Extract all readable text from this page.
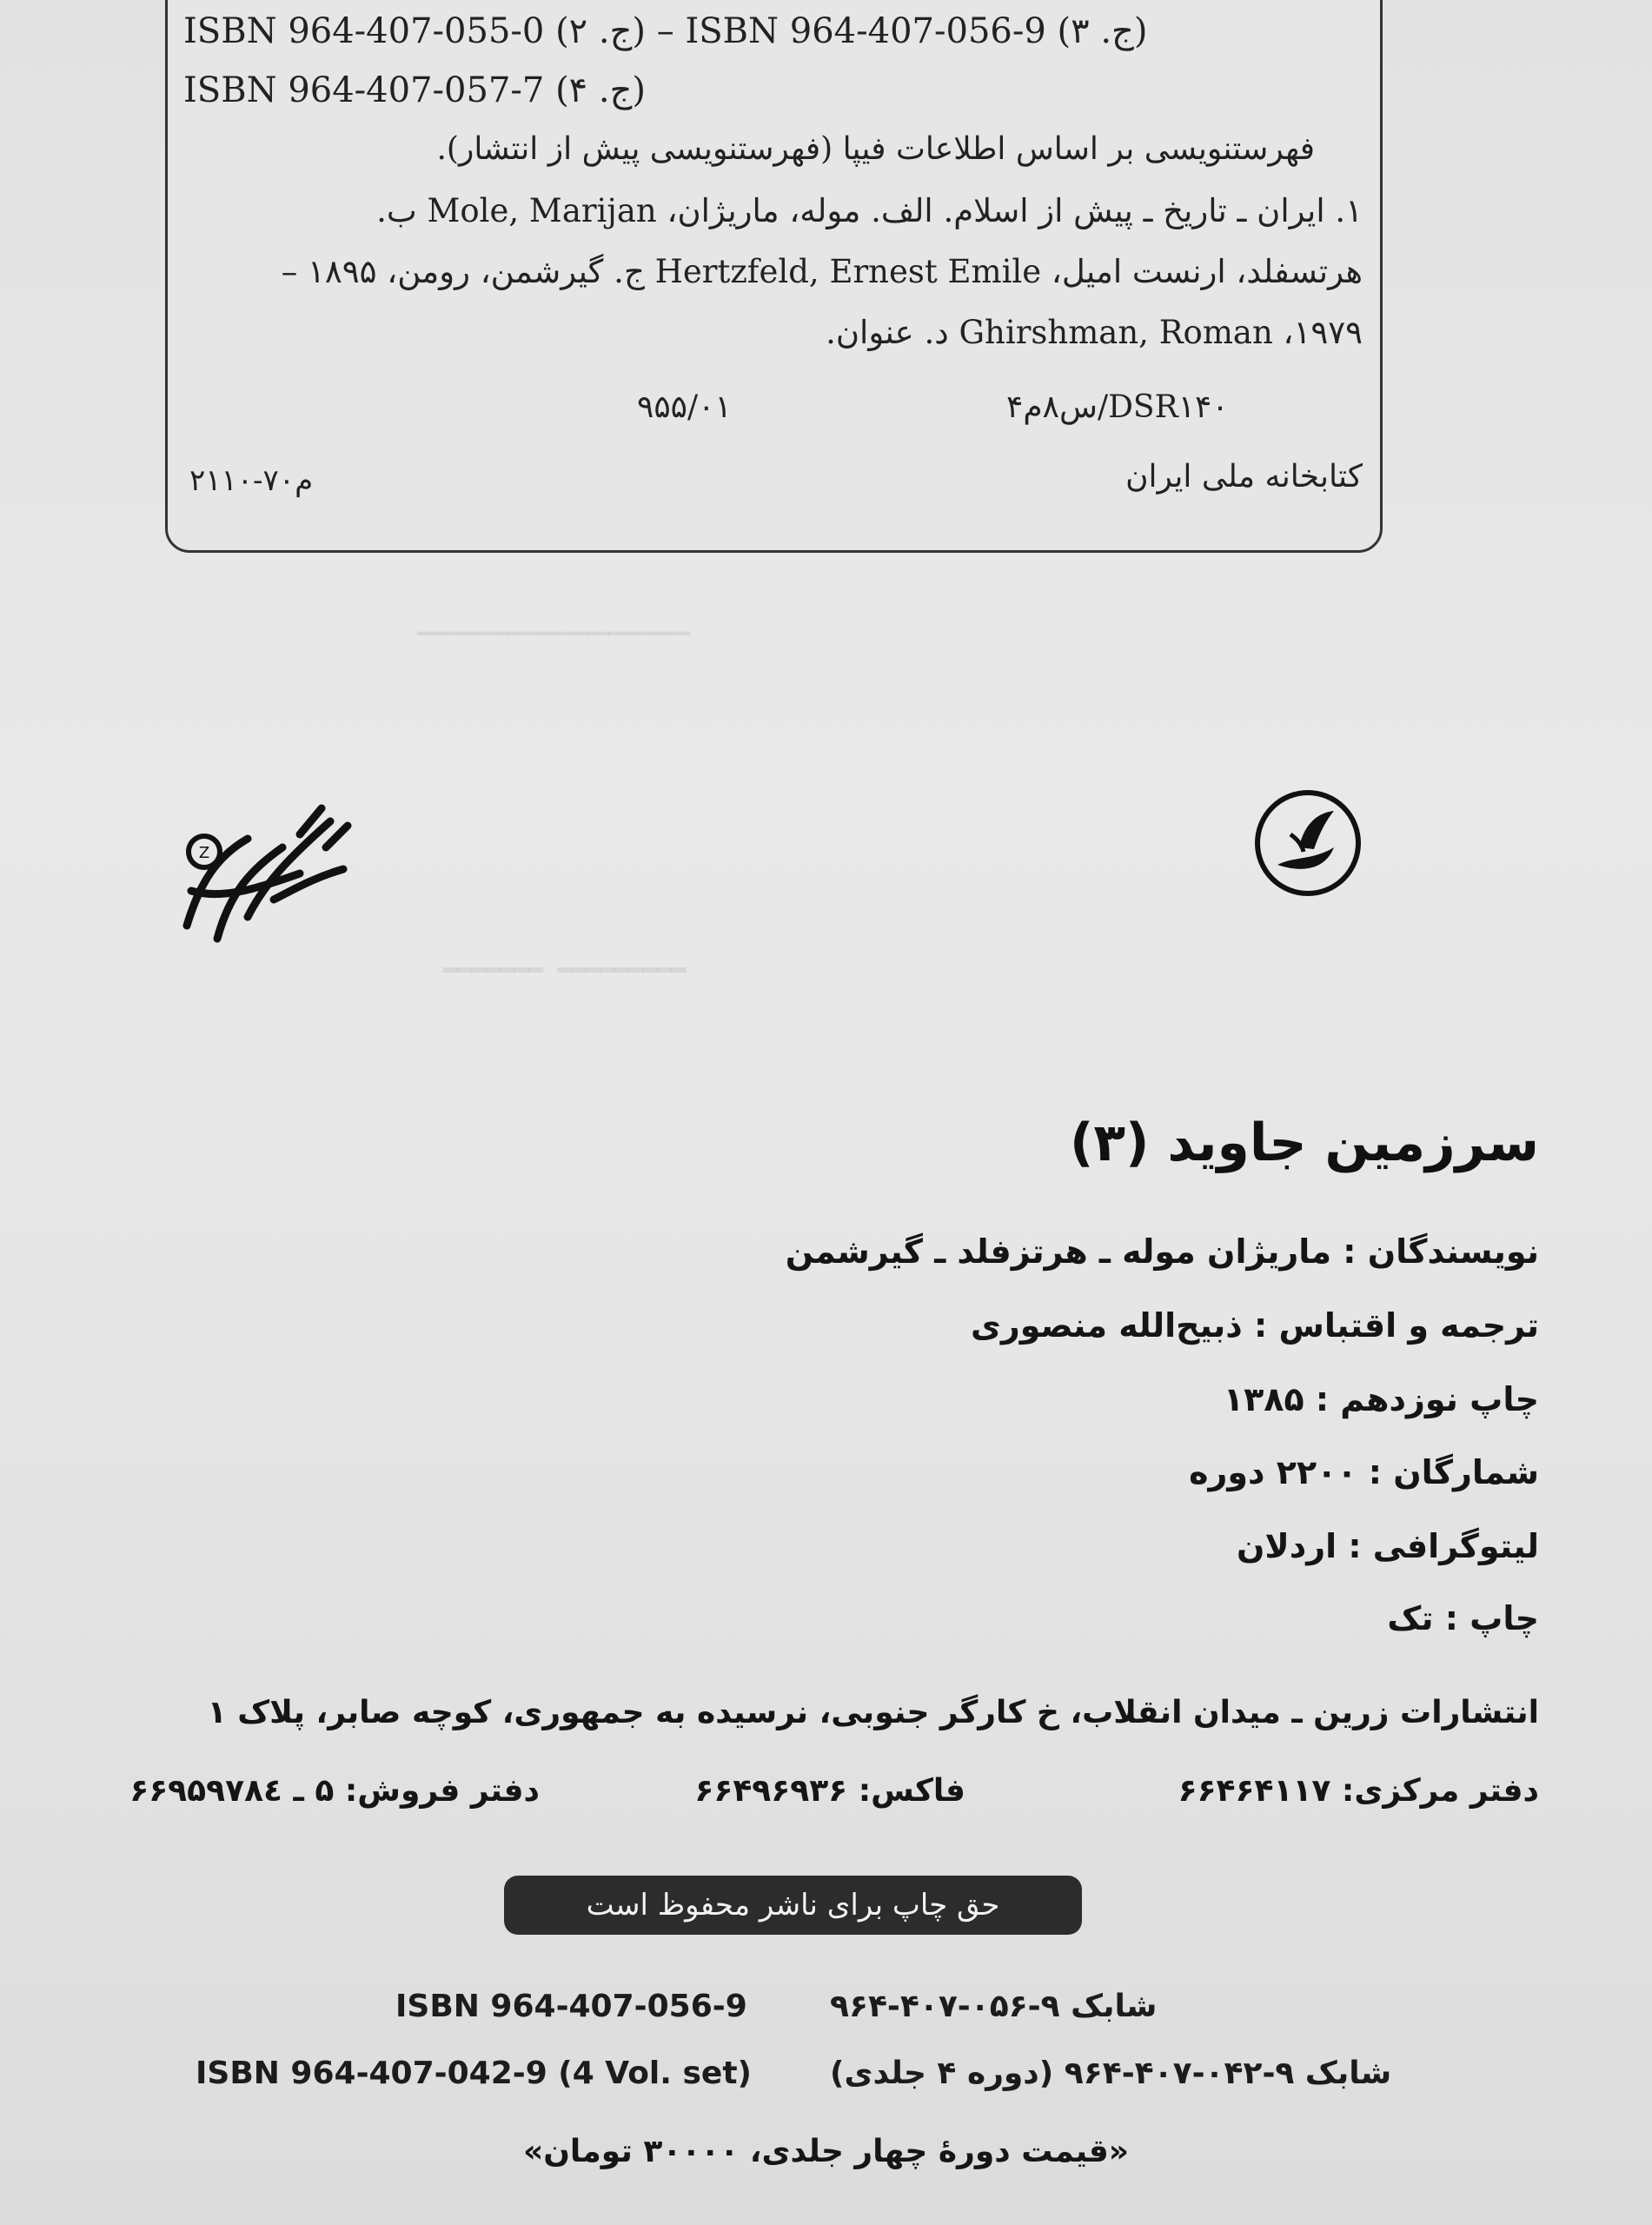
ISBN 964-407-055-0 (۲ .ج) – ISBN 964-407-056-9 (۳ .ج)
ISBN 964-407-057-7 (۴ .ج)
فهرستنویسی بر اساس اطلاعات فیپا (فهرستنویسی پیش از انتشار).
۱. ایران ـ تاریخ ـ پیش از اسلام. الف. موله، ماریژان، Mole, Marijan ب.
هرتسفلد، ارنست امیل، Hertzfeld, Ernest Emile ج. گیرشمن، رومن، ۱۸۹۵ –
۱۹۷۹، Ghirshman, Roman د. عنوان.
۹۵۵/۰۱	۴س۸م/DSR۱۴۰
کتابخانه ملی ایران
۲۱۱۰-۷۰م
ـــــــــــــــــــــــــــ
Z
ـــــــــ ـــــــ
سرزمین جاوید (۳)
نویسندگان : ماریژان موله ـ هرتزفلد ـ گیرشمن
ترجمه و اقتباس : ذبیح‌الله منصوری
چاپ نوزدهم : ۱۳۸۵
شمارگان : ۲۲۰۰ دوره
لیتوگرافی : اردلان
چاپ : تک
انتشارات زرین ـ میدان انقلاب، خ کارگر جنوبی، نرسیده به جمهوری، کوچه صابر، پلاک ۱
دفتر مرکزی: ۶۶۴۶۴۱۱۷
فاکس: ۶۶۴۹۶۹۳۶
دفتر فروش: ۵ ـ ۶۶۹۵۹۷۸٤
حق چاپ برای ناشر محفوظ است
ISBN 964-407-056-9	شابک ۹-۰۵۶-۴۰۷-۹۶۴
ISBN 964-407-042-9 (4 Vol. set)	شابک ۹-۰۴۲-۴۰۷-۹۶۴ (دوره ۴ جلدی)
«قیمت دورهٔ چهار جلدی، ۳۰۰۰۰ تومان»
